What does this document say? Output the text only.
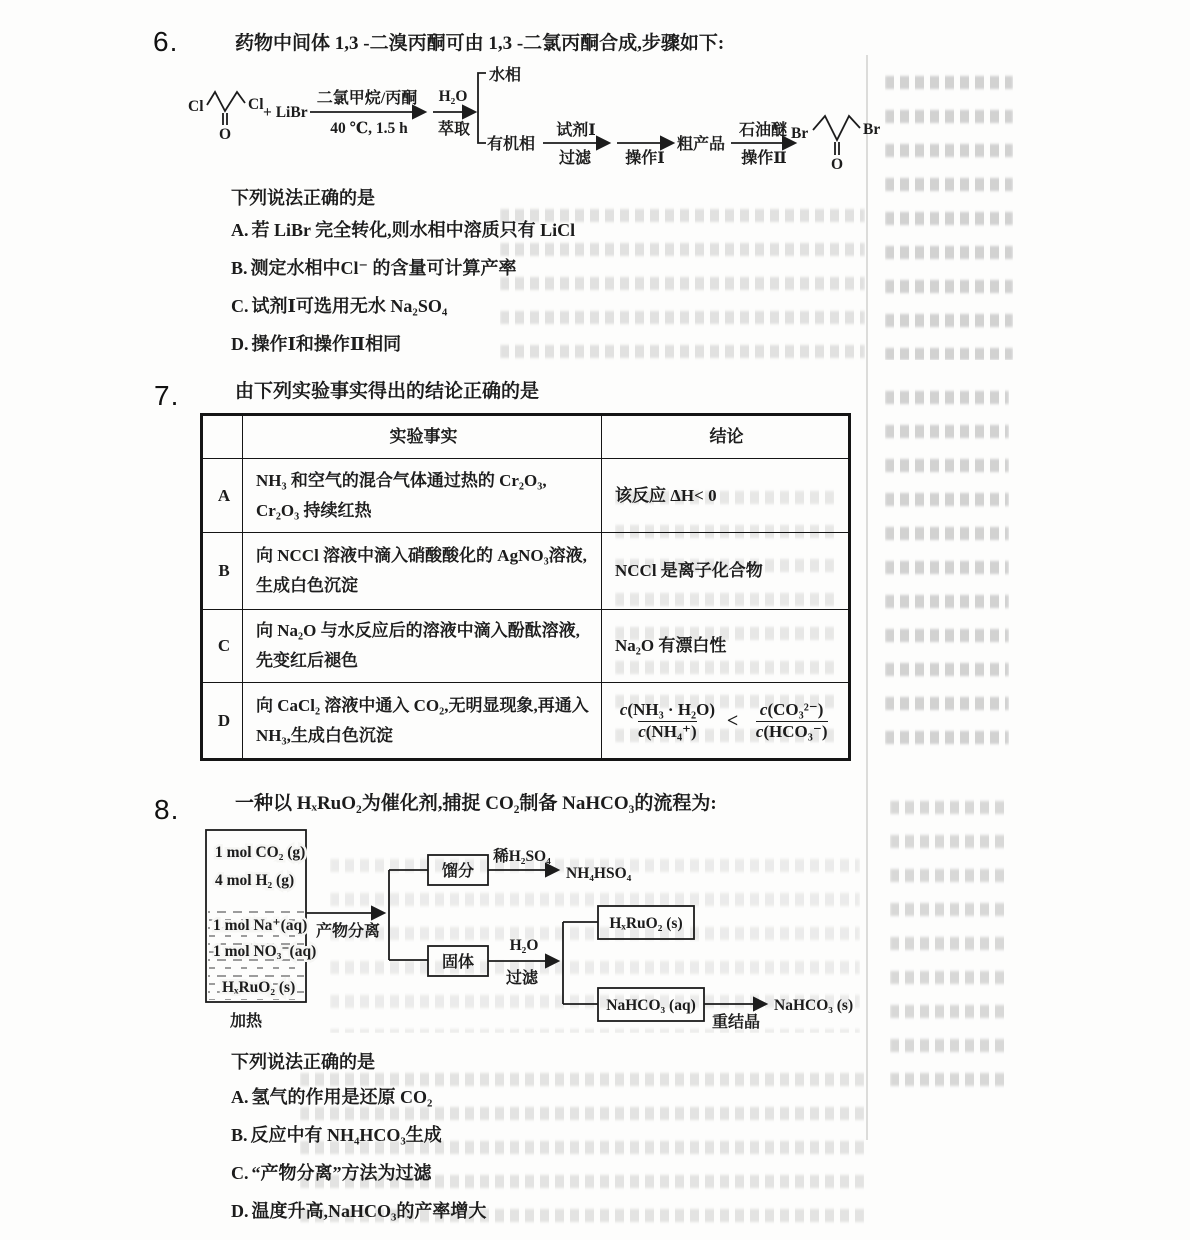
6.	药物中间体 1,3 -二溴丙酮可由 1,3 -二氯丙酮合成,步骤如下:
Cl
O
Cl + LiBr
二氯甲烷/丙酮
40 ℃, 1.5 h
H₂O
萃取
水相
有机相
试剂Ⅰ
过滤 操作Ⅰ
粗产品
石油醚
操作Ⅱ
Br
O
Br
下列说法正确的是
A. 若 LiBr 完全转化,则水相中溶质只有 LiCl
B. 测定水相中Cl⁻ 的含量可计算产率
C. 试剂Ⅰ可选用无水 Na₂SO₄
D. 操作Ⅰ和操作Ⅱ相同
7.	由下列实验事实得出的结论正确的是
	实验事实	结论
A	NH₃ 和空气的混合气体通过热的 Cr₂O₃, Cr₂O₃ 持续红热	该反应 ΔH< 0
B	向 NCCl 溶液中滴入硝酸酸化的 AgNO₃溶液,生成白色沉淀	NCCl 是离子化合物
C	向 Na₂O 与水反应后的溶液中滴入酚酞溶液,先变红后褪色	Na₂O 有漂白性
D	向 CaCl₂ 溶液中通入 CO₂,无明显现象,再通入 NH₃,生成白色沉淀	$\frac{\text{c(NH₃ · H₂O)}}{\text{c(NH₄⁺)}} < \frac{\text{c(CO₃²⁻)}}{\text{c(HCO₃⁻)}}$
8.	一种以 HₓRuO₂为催化剂,捕捉 CO₂制备 NaHCO₃的流程为:
1 mol CO₂ (g)
4 mol H₂ (g)
1 mol Na⁺(aq)
1 mol NO₃⁻(aq)
HₓRuO₂ (s)
加热
产物分离
馏分
稀H₂SO₄
NH₄HSO₄
固体
H₂O
过滤
HₓRuO₂ (s)
NaHCO₃ (aq)
重结晶
NaHCO₃ (s)
下列说法正确的是
A. 氢气的作用是还原 CO₂
B. 反应中有 NH₄HCO₃生成
C. “产物分离”方法为过滤
D. 温度升高,NaHCO₃的产率增大
